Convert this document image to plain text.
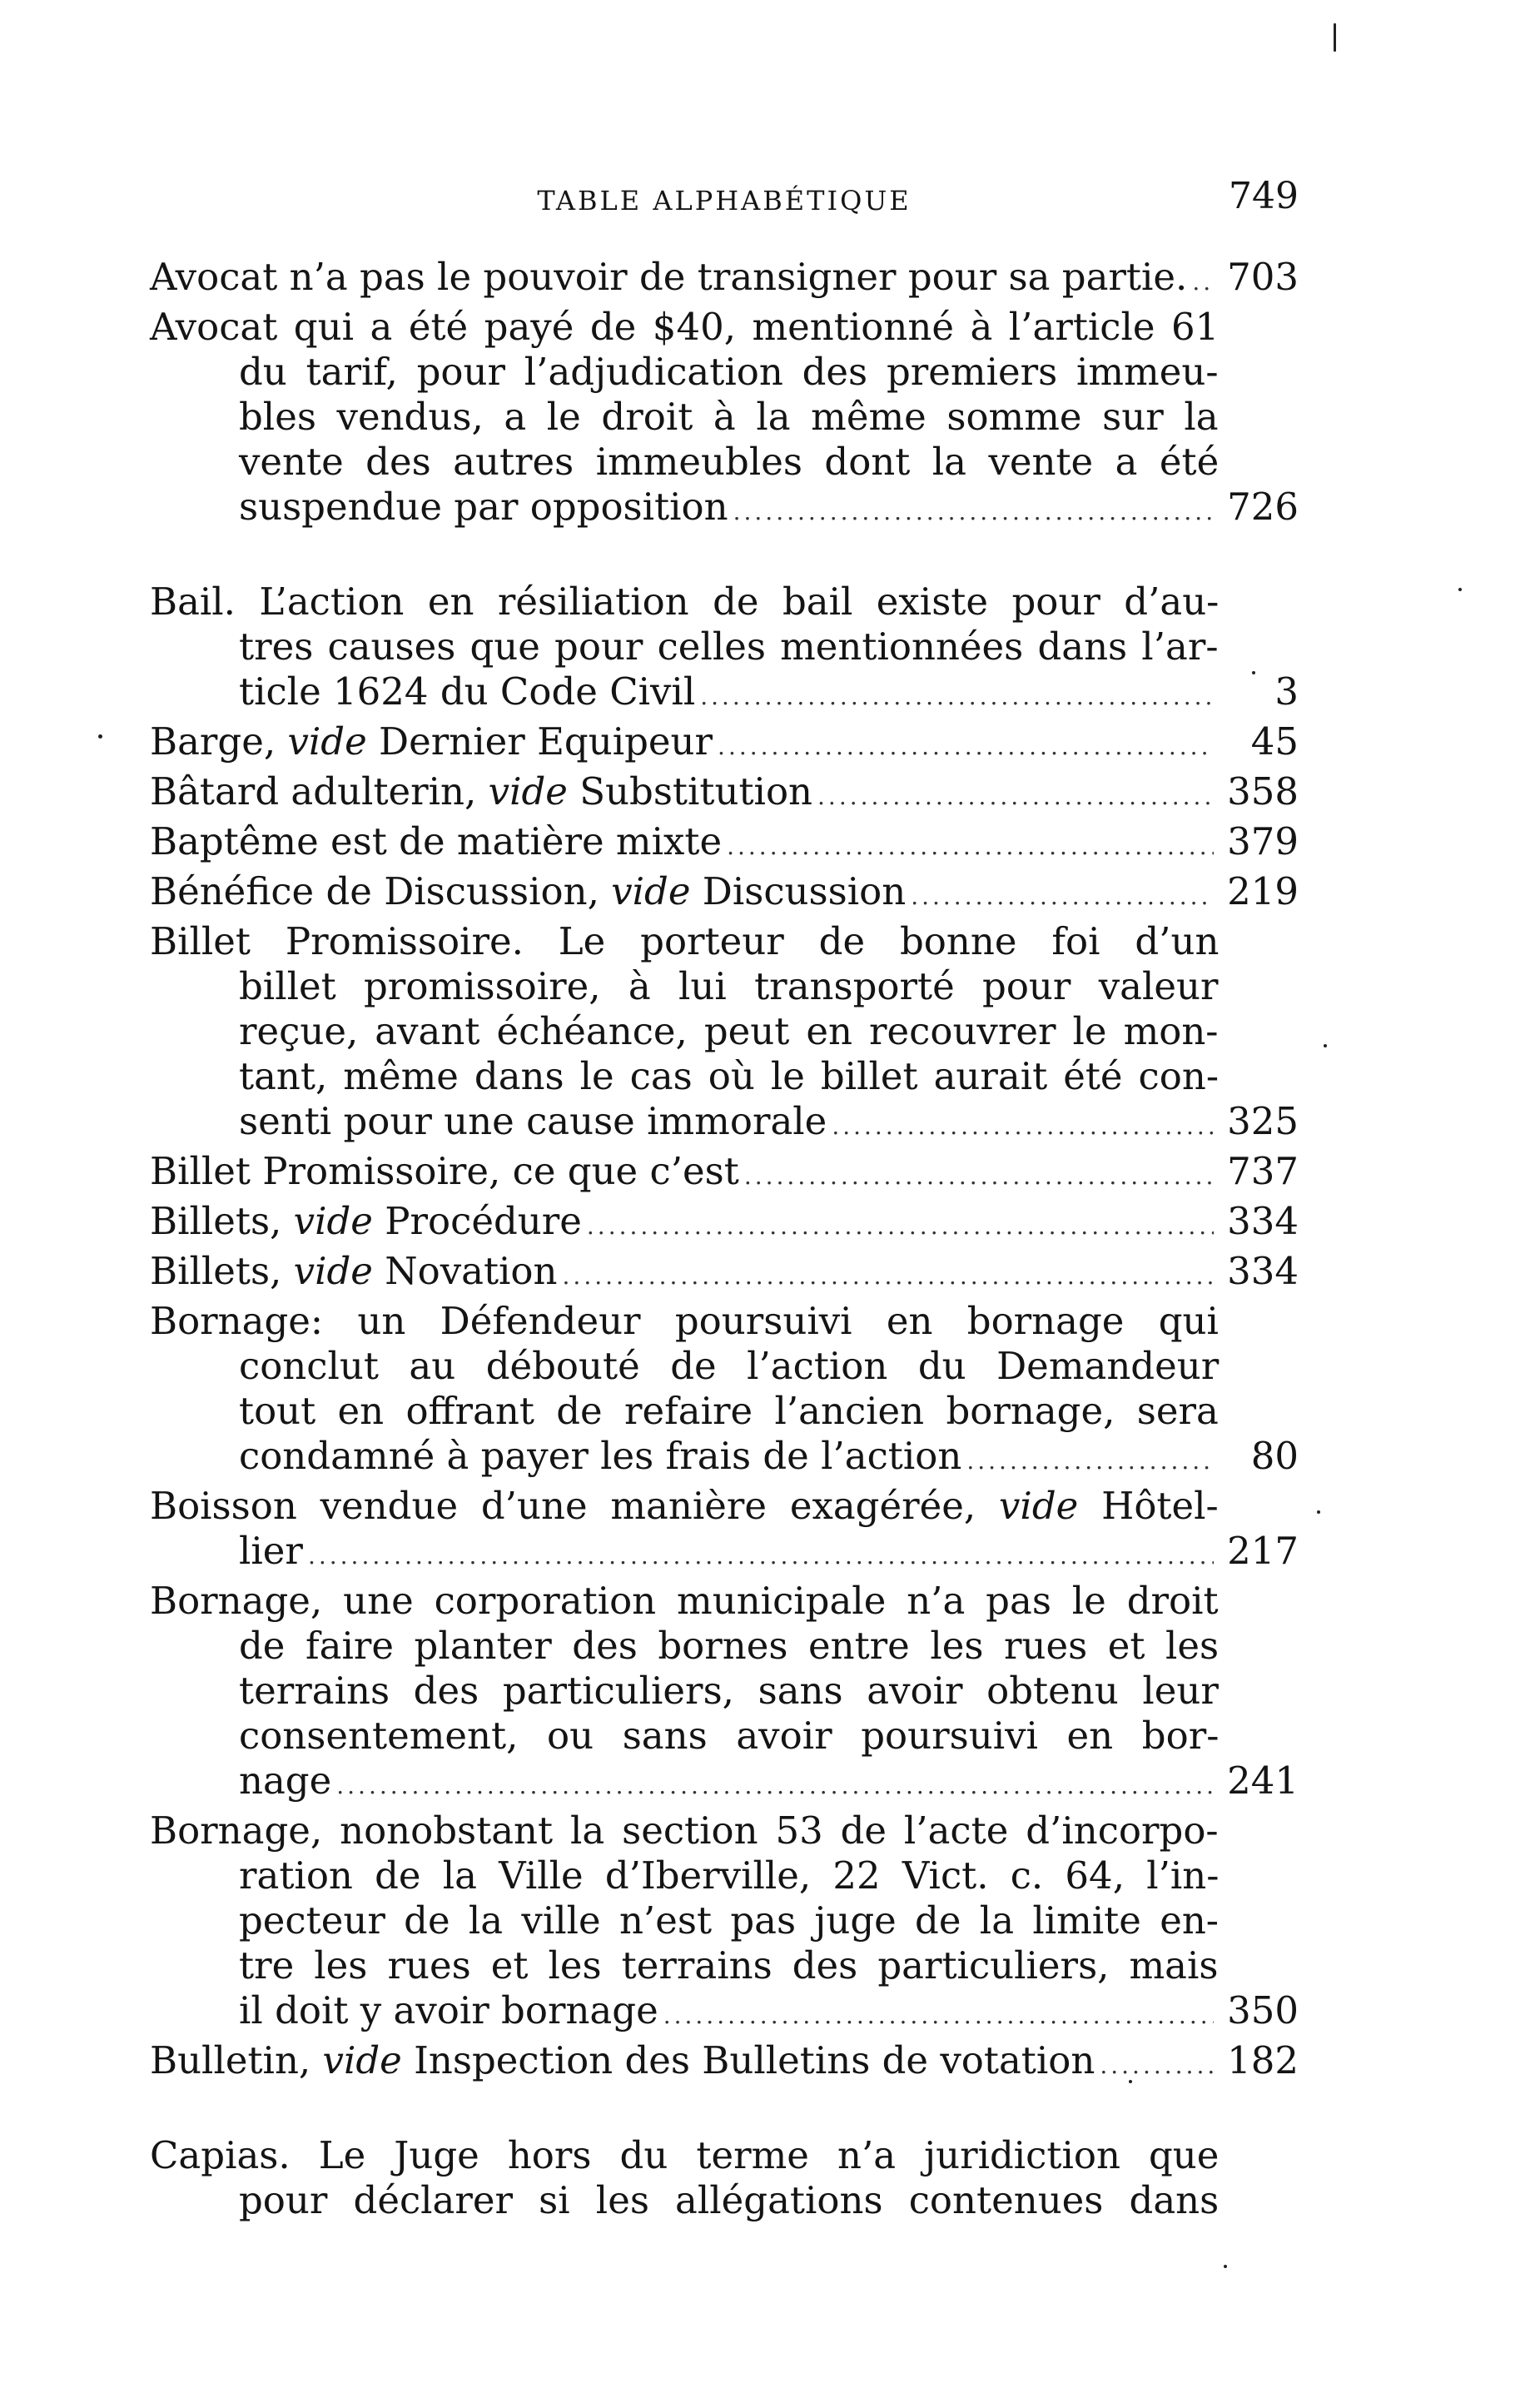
TABLE ALPHABÉTIQUE	749
Avocat n’a pas le pouvoir de transigner pour sa partie. ..... 703
Avocat qui a été payé de $40, mentionné à l’article 61
du tarif, pour l’adjudication des premiers immeu-
bles vendus, a le droit à la même somme sur la
vente des autres immeubles dont la vente a été
suspendue par opposition .....	726
Bail. L’action en résiliation de bail existe pour d’au-
tres causes que pour celles mentionnées dans l’ar-
ticle 1624 du Code Civil .....	3
Barge, vide Dernier Equipeur .....	45
Bâtard adulterin, vide Substitution .....	358
Baptême est de matière mixte .....	379
Bénéfice de Discussion, vide Discussion .....	219
Billet Promissoire. Le porteur de bonne foi d’un
billet promissoire, à lui transporté pour valeur
reçue, avant échéance, peut en recouvrer le mon-
tant, même dans le cas où le billet aurait été con-
senti pour une cause immorale .....	325
Billet Promissoire, ce que c’est .....	737
Billets, vide Procédure .....	334
Billets, vide Novation .....	334
Bornage: un Défendeur poursuivi en bornage qui
conclut au débouté de l’action du Demandeur
tout en offrant de refaire l’ancien bornage, sera
condamné à payer les frais de l’action .....	80
Boisson vendue d’une manière exagérée, vide Hôtel-
lier .....	217
Bornage, une corporation municipale n’a pas le droit
de faire planter des bornes entre les rues et les
terrains des particuliers, sans avoir obtenu leur
consentement, ou sans avoir poursuivi en bor-
nage .....	241
Bornage, nonobstant la section 53 de l’acte d’incorpo-
ration de la Ville d’Iberville, 22 Vict. c. 64, l’in-
pecteur de la ville n’est pas juge de la limite en-
tre les rues et les terrains des particuliers, mais
il doit y avoir bornage .....	350
Bulletin, vide Inspection des Bulletins de votation .....	182
Capias. Le Juge hors du terme n’a juridiction que
pour déclarer si les allégations contenues dans
